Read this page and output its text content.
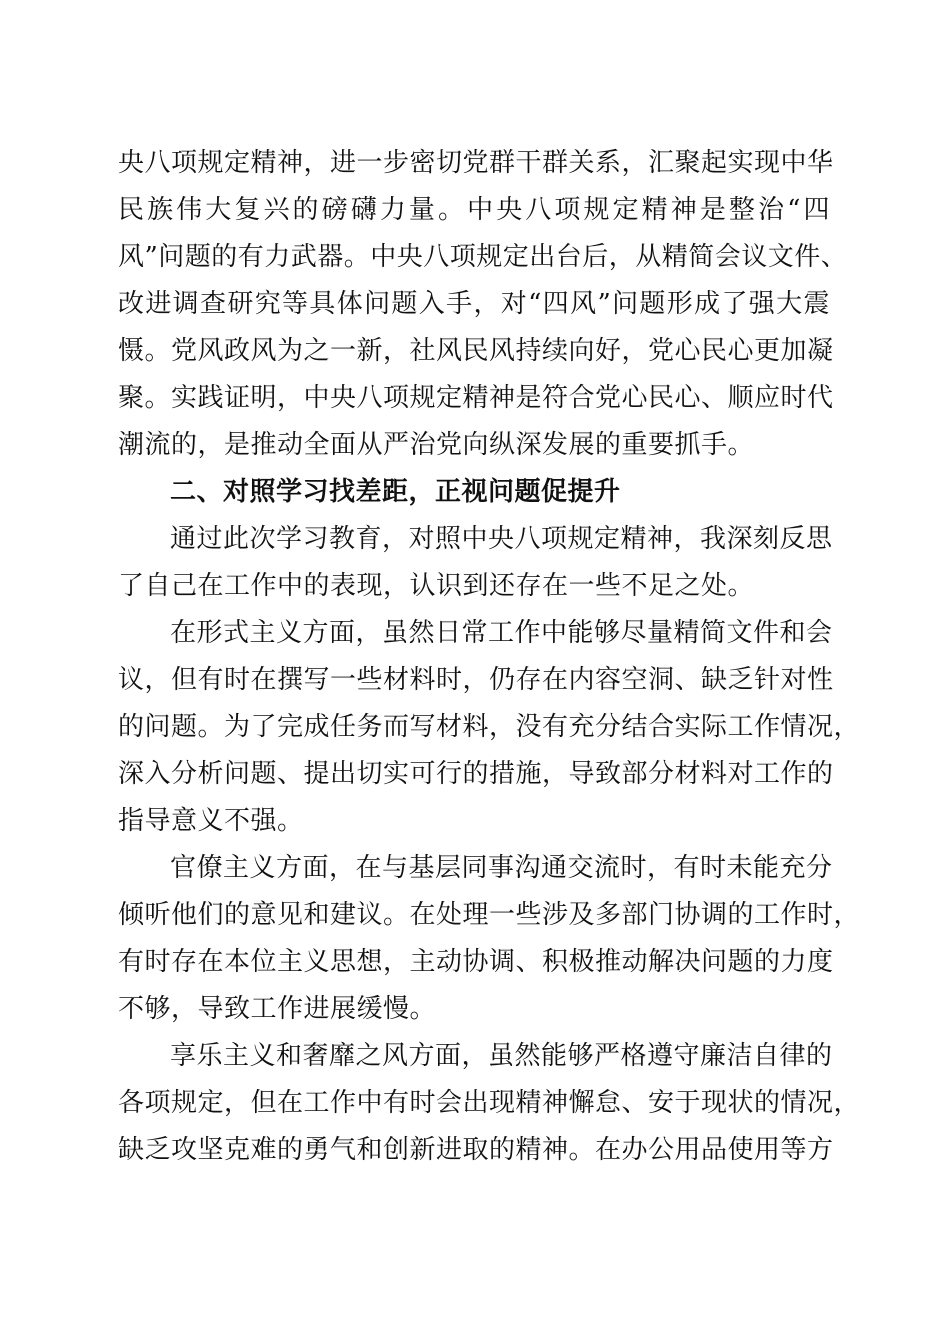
央八项规定精神，进一步密切党群干群关系，汇聚起实现中华
民族伟大复兴的磅礴力量。中央八项规定精神是整治“四
风”问题的有力武器。中央八项规定出台后，从精简会议文件、
改进调查研究等具体问题入手，对“四风”问题形成了强大震
慑。党风政风为之一新，社风民风持续向好，党心民心更加凝
聚。实践证明，中央八项规定精神是符合党心民心、顺应时代
潮流的，是推动全面从严治党向纵深发展的重要抓手。
二、对照学习找差距，正视问题促提升
通过此次学习教育，对照中央八项规定精神，我深刻反思
了自己在工作中的表现，认识到还存在一些不足之处。
在形式主义方面，虽然日常工作中能够尽量精简文件和会
议，但有时在撰写一些材料时，仍存在内容空洞、缺乏针对性
的问题。为了完成任务而写材料，没有充分结合实际工作情况，
深入分析问题、提出切实可行的措施，导致部分材料对工作的
指导意义不强。
官僚主义方面，在与基层同事沟通交流时，有时未能充分
倾听他们的意见和建议。在处理一些涉及多部门协调的工作时，
有时存在本位主义思想，主动协调、积极推动解决问题的力度
不够，导致工作进展缓慢。
享乐主义和奢靡之风方面，虽然能够严格遵守廉洁自律的
各项规定，但在工作中有时会出现精神懈怠、安于现状的情况，
缺乏攻坚克难的勇气和创新进取的精神。在办公用品使用等方
